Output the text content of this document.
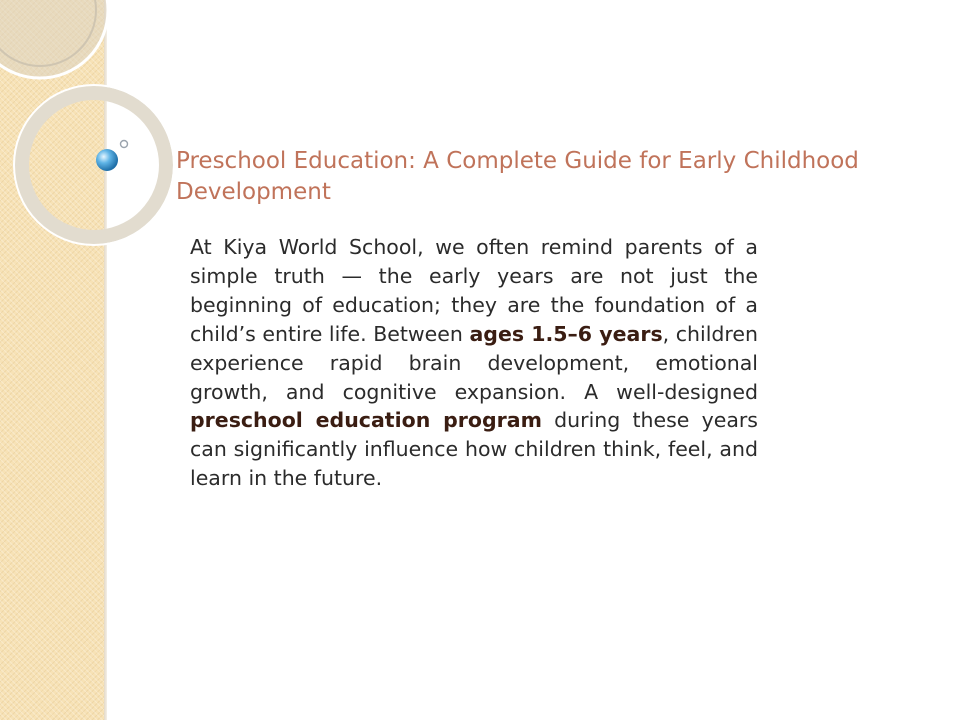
Preschool Education: A Complete Guide for Early Childhood Development

At Kiya World School, we often remind parents of a simple truth — the early years are not just the beginning of education; they are the foundation of a child’s entire life. Between ages 1.5–6 years, children experience rapid brain development, emotional growth, and cognitive expansion. A well-designed preschool education program during these years can significantly influence how children think, feel, and learn in the future.
